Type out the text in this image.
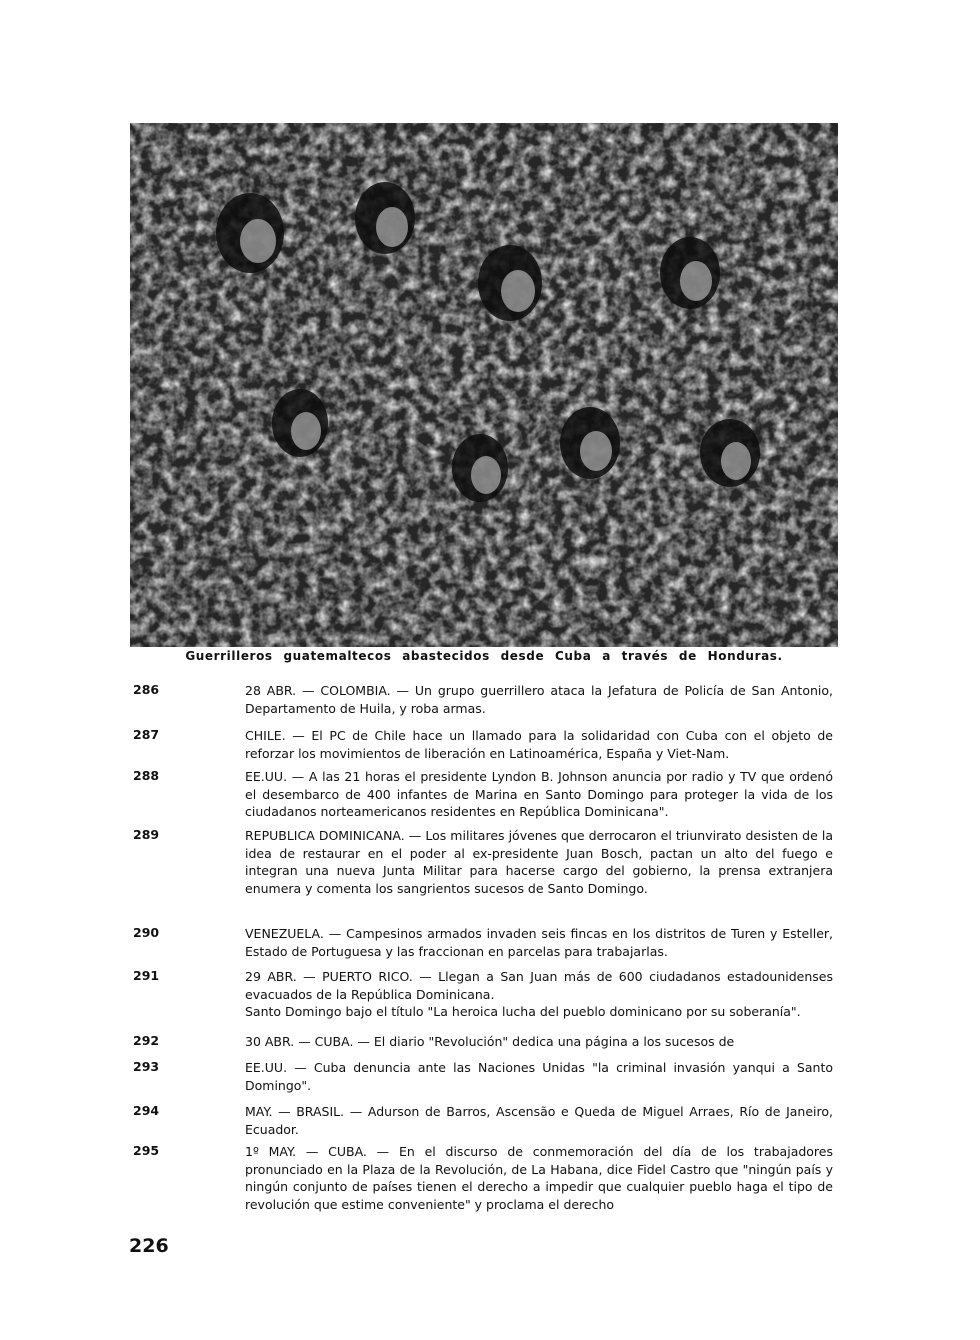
Guerrilleros guatemaltecos abastecidos desde Cuba a través de Honduras.
286	28 ABR. — COLOMBIA. — Un grupo guerrillero ataca la Jefatura de Policía de San Antonio, Departamento de Huila, y roba armas.
287	CHILE. — El PC de Chile hace un llamado para la solidaridad con Cuba con el objeto de reforzar los movimientos de liberación en Latinoamérica, España y Viet-Nam.
288	EE.UU. — A las 21 horas el presidente Lyndon B. Johnson anuncia por radio y TV que ordenó el desembarco de 400 infantes de Marina en Santo Domingo para proteger la vida de los ciudadanos norteamericanos residentes en República Dominicana".
289	REPUBLICA DOMINICANA. — Los militares jóvenes que derrocaron el triunvirato desisten de la idea de restaurar en el poder al ex-presidente Juan Bosch, pactan un alto del fuego e integran una nueva Junta Militar para hacerse cargo del gobierno, la prensa extranjera enumera y comenta los sangrientos sucesos de Santo Domingo.
290	VENEZUELA. — Campesinos armados invaden seis fincas en los distritos de Turen y Esteller, Estado de Portuguesa y las fraccionan en parcelas para trabajarlas.
291	29 ABR. — PUERTO RICO. — Llegan a San Juan más de 600 ciudadanos estadounidenses evacuados de la República Dominicana.
Santo Domingo bajo el título "La heroica lucha del pueblo dominicano por su soberanía".
292	30 ABR. — CUBA. — El diario "Revolución" dedica una página a los sucesos de
293	EE.UU. — Cuba denuncia ante las Naciones Unidas "la criminal invasión yanqui a Santo Domingo".
294	MAY. — BRASIL. — Adurson de Barros, Ascensão e Queda de Miguel Arraes, Río de Janeiro, Ecuador.
295	1º MAY. — CUBA. — En el discurso de conmemoración del día de los trabajadores pronunciado en la Plaza de la Revolución, de La Habana, dice Fidel Castro que "ningún país y ningún conjunto de países tienen el derecho a impedir que cualquier pueblo haga el tipo de revolución que estime conveniente" y proclama el derecho
226
